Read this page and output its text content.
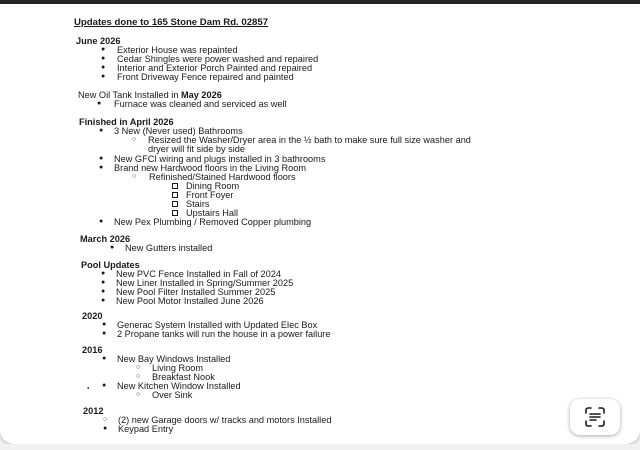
Updates done to 165 Stone Dam Rd. 02857
June 2026
● Exterior House was repainted
● Cedar Shingles were power washed and repaired
● Interior and Exterior Porch Painted and repaired
● Front Driveway Fence repaired and painted
New Oil Tank Installed in May 2026
● Furnace was cleaned and serviced as well
Finished in April 2026
● 3 New (Never used) Bathrooms
○ Resized the Washer/Dryer area in the ½ bath to make sure full size washer and
dryer will fit side by side
● New GFCI wiring and plugs installed in 3 bathrooms
● Brand new Hardwood floors in the Living Room
○ Refinished/Stained Hardwood floors
Dining Room
Front Foyer
Stairs
Upstairs Hall
● New Pex Plumbing / Removed Copper plumbing
March 2026
● New Gutters installed
Pool Updates
● New PVC Fence Installed in Fall of 2024
● New Liner Installed in Spring/Summer 2025
● New Pool Filter Installed Summer 2025
● New Pool Motor Installed June 2026
2020
● Generac System Installed with Updated Elec Box
● 2 Propane tanks will run the house in a power failure
2016
● New Bay Windows Installed
○ Living Room
○ Breakfast Nook
● New Kitchen Window Installed
○ Over Sink
●
2012
○ (2) new Garage doors w/ tracks and motors Installed
● Keypad Entry
